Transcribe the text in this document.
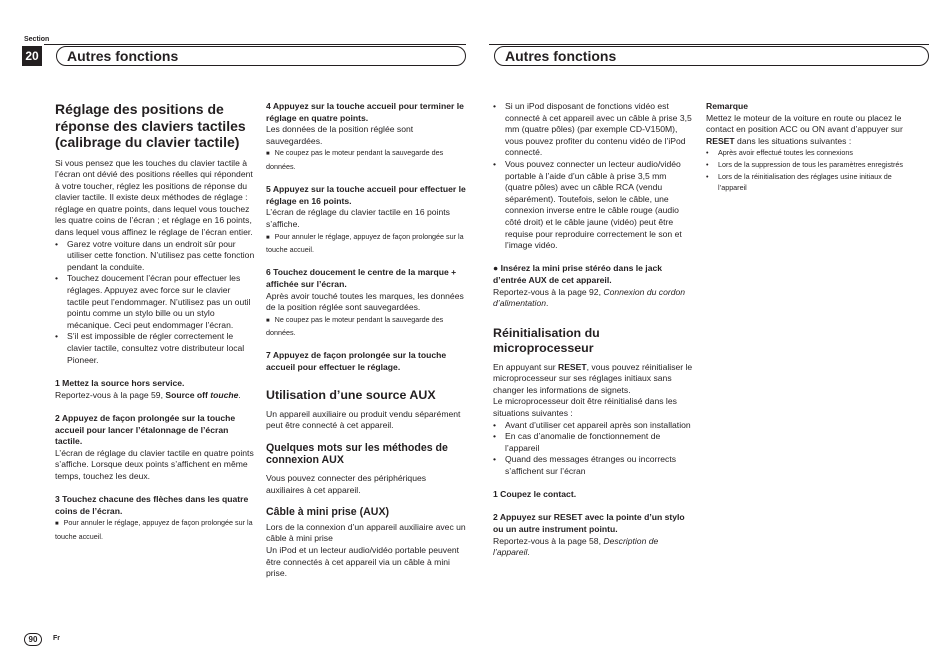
Section
20	Autres fonctions	Autres fonctions

Réglage des positions de réponse des claviers tactiles (calibrage du clavier tactile)

Si vous pensez que les touches du clavier tactile à l’écran ont dévié des positions réelles qui répondent à votre toucher, réglez les positions de réponse du clavier tactile. Il existe deux méthodes de réglage : réglage en quatre points, dans lequel vous touchez les quatre coins de l’écran ; et réglage en 16 points, dans lequel vous affinez le réglage de l’écran entier.

• Garez votre voiture dans un endroit sûr pour utiliser cette fonction. N’utilisez pas cette fonction pendant la conduite.
• Touchez doucement l’écran pour effectuer les réglages. Appuyez avec force sur le clavier tactile peut l’endommager. N’utilisez pas un outil pointu comme un stylo bille ou un stylo mécanique. Ceci peut endommager l’écran.
• S’il est impossible de régler correctement le clavier tactile, consultez votre distributeur local Pioneer.

1 Mettez la source hors service.

Reportez-vous à la page 59, Source off touche.

2 Appuyez de façon prolongée sur la touche accueil pour lancer l’étalonnage de l’écran tactile.

L’écran de réglage du clavier tactile en quatre points s’affiche. Lorsque deux points s’affichent en même temps, touchez les deux.

3 Touchez chacune des flèches dans les quatre coins de l’écran.

■ Pour annuler le réglage, appuyez de façon prolongée sur la touche accueil.

4 Appuyez sur la touche accueil pour terminer le réglage en quatre points.

Les données de la position réglée sont sauvegardées.

■ Ne coupez pas le moteur pendant la sauvegarde des données.

5 Appuyez sur la touche accueil pour effectuer le réglage en 16 points.

L’écran de réglage du clavier tactile en 16 points s’affiche.

■ Pour annuler le réglage, appuyez de façon prolongée sur la touche accueil.

6 Touchez doucement le centre de la marque + affichée sur l’écran.

Après avoir touché toutes les marques, les données de la position réglée sont sauvegardées.

■ Ne coupez pas le moteur pendant la sauvegarde des données.

7 Appuyez de façon prolongée sur la touche accueil pour effectuer le réglage.

Utilisation d’une source AUX

Un appareil auxiliaire ou produit vendu séparément peut être connecté à cet appareil.

Quelques mots sur les méthodes de connexion AUX

Vous pouvez connecter des périphériques auxiliaires à cet appareil.

Câble à mini prise (AUX)

Lors de la connexion d’un appareil auxiliaire avec un câble à mini prise
Un iPod et un lecteur audio/vidéo portable peuvent être connectés à cet appareil via un câble à mini prise.

• Si un iPod disposant de fonctions vidéo est connecté à cet appareil avec un câble à prise 3,5 mm (quatre pôles) (par exemple CD-V150M), vous pouvez profiter du contenu vidéo de l’iPod connecté.
• Vous pouvez connecter un lecteur audio/vidéo portable à l’aide d’un câble à prise 3,5 mm (quatre pôles) avec un câble RCA (vendu séparément). Toutefois, selon le câble, une connexion inverse entre le câble rouge (audio côté droit) et le câble jaune (vidéo) peut être requise pour reproduire correctement le son et l’image vidéo.

● Insérez la mini prise stéréo dans le jack d’entrée AUX de cet appareil.

Reportez-vous à la page 92, Connexion du cordon d’alimentation.

Réinitialisation du microprocesseur

En appuyant sur RESET, vous pouvez réinitialiser le microprocesseur sur ses réglages initiaux sans changer les informations de signets.

Le microprocesseur doit être réinitialisé dans les situations suivantes :

• Avant d’utiliser cet appareil après son installation
• En cas d’anomalie de fonctionnement de l’appareil
• Quand des messages étranges ou incorrects s’affichent sur l’écran

1 Coupez le contact.

2 Appuyez sur RESET avec la pointe d’un stylo ou un autre instrument pointu.

Reportez-vous à la page 58, Description de l’appareil.

Remarque

Mettez le moteur de la voiture en route ou placez le contact en position ACC ou ON avant d’appuyer sur RESET dans les situations suivantes :

• Après avoir effectué toutes les connexions
• Lors de la suppression de tous les paramètres enregistrés
• Lors de la réinitialisation des réglages usine initiaux de l’appareil
90	Fr
